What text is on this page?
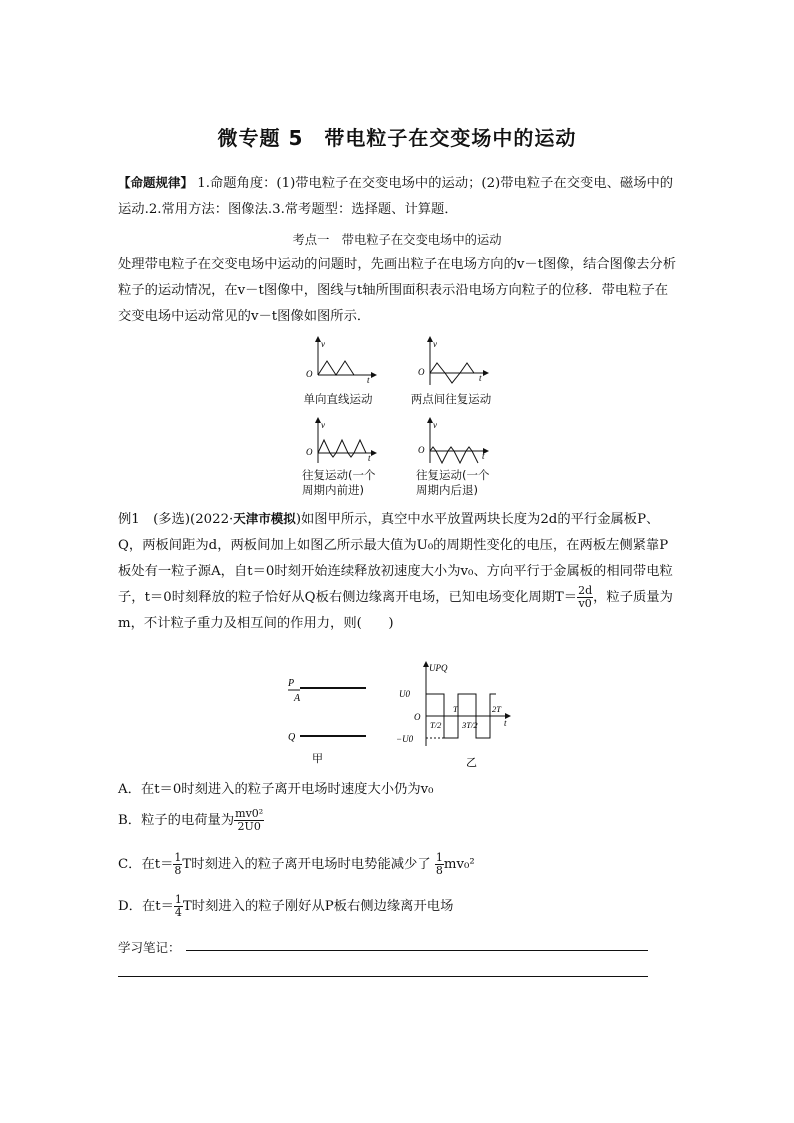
微专题 5　带电粒子在交变场中的运动
【命题规律】 1.命题角度：(1)带电粒子在交变电场中的运动；(2)带电粒子在交变电、磁场中的运动.2.常用方法：图像法.3.常考题型：选择题、计算题．
考点一　带电粒子在交变电场中的运动
处理带电粒子在交变电场中运动的问题时，先画出粒子在电场方向的v－t图像，结合图像去分析粒子的运动情况，在v－t图像中，图线与t轴所围面积表示沿电场方向粒子的位移．带电粒子在交变电场中运动常见的v－t图像如图所示．
v
t
O
v
t
O
v
t
O
v
t
O
单向直线运动	两点间往复运动
往复运动(一个周期内前进)
往复运动(一个周期内后退)
例1　 (多选)(2022·天津市模拟)如图甲所示，真空中水平放置两块长度为2d的平行金属板P、Q，两板间距为d，两板间加上如图乙所示最大值为U₀的周期性变化的电压，在两板左侧紧靠P板处有一粒子源A，自t＝0时刻开始连续释放初速度大小为v₀、方向平行于金属板的相同带电粒子，t＝0时刻释放的粒子恰好从Q板右侧边缘离开电场，已知电场变化周期$T= \frac{2d}{v0}$ ，粒子质量为m，不计粒子重力及相互间的作用力，则(　　)
P
A
Q
甲
UPQ
U0
−U0
O
T/2
T
3T/2
2T
t
乙
A．在t＝0时刻进入的粒子离开电场时速度大小仍为v₀
B．粒子的电荷量为 $\frac{\text{mv0²}}{2U0}$
C．在$t= \frac{1}{8}$ T时刻进入的粒子离开电场时电势能减少了 $\frac{1}{8} mv_0^2$
D．在$t= \frac{1}{4}$ T时刻进入的粒子刚好从P板右侧边缘离开电场
学习笔记：
